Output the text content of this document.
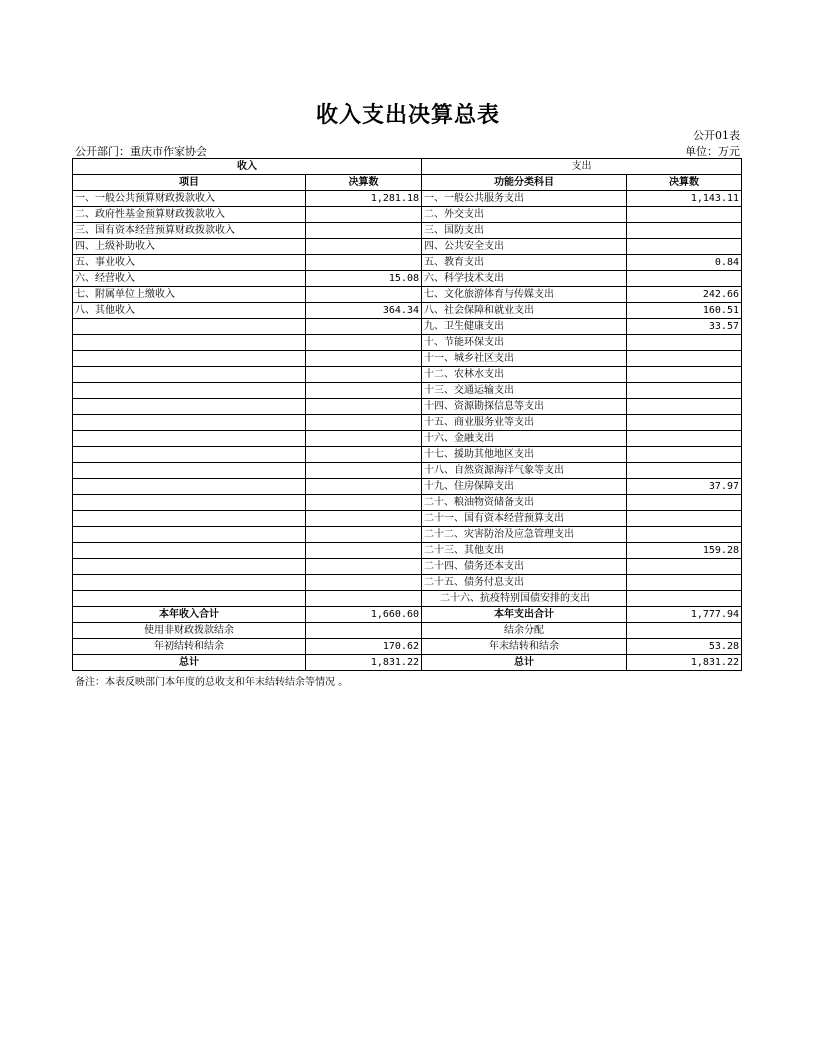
收入支出决算总表
公开01表
公开部门：重庆市作家协会	单位：万元
收入		支出	
项目	决算数	功能分类科目	决算数
一、一般公共预算财政拨款收入	1,281.18	一、一般公共服务支出	1,143.11
二、政府性基金预算财政拨款收入		二、外交支出	
三、国有资本经营预算财政拨款收入		三、国防支出	
四、上级补助收入		四、公共安全支出	
五、事业收入		五、教育支出	0.84
六、经营收入	15.08	六、科学技术支出	
七、附属单位上缴收入		七、文化旅游体育与传媒支出	242.66
八、其他收入	364.34	八、社会保障和就业支出	160.51
		九、卫生健康支出	33.57
		十、节能环保支出	
		十一、城乡社区支出	
		十二、农林水支出	
		十三、交通运输支出	
		十四、资源勘探信息等支出	
		十五、商业服务业等支出	
		十六、金融支出	
		十七、援助其他地区支出	
		十八、自然资源海洋气象等支出	
		十九、住房保障支出	37.97
		二十、粮油物资储备支出	
		二十一、国有资本经营预算支出	
		二十二、灾害防治及应急管理支出	
		二十三、其他支出	159.28
		二十四、债务还本支出	
		二十五、债务付息支出	
		二十六、抗疫特别国债安排的支出	
本年收入合计	1,660.60	本年支出合计	1,777.94
使用非财政拨款结余		结余分配	
年初结转和结余	170.62	年末结转和结余	53.28
总计	1,831.22	总计	1,831.22
备注：本表反映部门本年度的总收支和年末结转结余等情况 。
